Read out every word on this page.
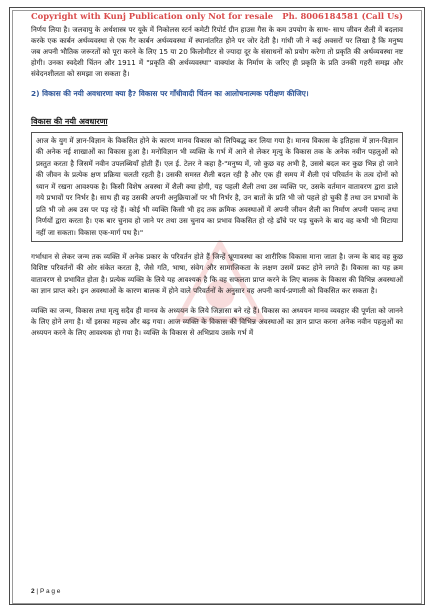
Copyright with Kunj Publication only Not for resale Ph. 8006184581 (Call Us)

निर्णय लिया है। जलवायु के अर्थशास्त्र पर यूके में निकोलस स्टर्न कमेटी रिपोर्ट ग्रीन हाउस गैस के कम उपयोग के साथ- साथ जीवन शैली में बदलाव करके एक कार्बन अर्थव्यवस्था से एक गैर कार्बन अर्थव्यवस्था में स्थानांतरित होने पर जोर देती है। गांधी जी ने कई अवसरों पर लिखा है कि मनुष्य जब अपनी भौतिक जरूरतों को पूरा करने के लिए 15 या 20 किलोमीटर से ज्यादा दूर के संसाधनों को प्रयोग करेगा तो प्रकृति की अर्थव्यवस्था नष्ट होगी। उनका स्वदेशी चिंतन और 1911 में "प्रकृति की अर्थव्यवस्था" वाक्यांश के निर्माण के जरिए ही प्रकृति के प्रति उनकी गहरी समझ और संवेदनशीलता को समझा जा सकता है।

2) विकास की नयी अवधारणा क्या है? विकास पर गाँधीवादी चिंतन का आलोचनात्मक परीक्षण कीजिए।

विकास की नयी अवधारणा

आज के युग में ज्ञान-विज्ञान के विकसित होने के कारण मानव विकास को लिपिबद्ध कर लिया गया है। मानव विकास के इतिहास में ज्ञान-विज्ञान की अनेक नई शाखाओं का विकास हुआ है। मनोविज्ञान भी व्यक्ति के गर्भ में आने से लेकर मृत्यु के विकास तक के अनेक नवीन पहलुओं को प्रस्तुत करता है जिसमें नवीन उपलब्धियाँ होती हैं। एल ई. टेलर ने कहा है-"मनुष्य में, जो कुछ वह अभी है, उससे बदल कर कुछ भिन्न हो जाने की जीवन के प्रत्येक क्षण प्रक्रिया चलती रहती है। उसकी समस्त शैली बदल रही है और एक ही समय में शैली एवं परिवर्तन के तत्व दोनों को ध्यान में रखना आवश्यक है। किसी विशेष अवस्था में शैली क्या होगी, यह पहली शैली तथा उस व्यक्ति पर, उसके वर्तमान वातावरण द्वारा डाले गये प्रभावों पर निर्भर है। साथ ही वह उसकी अपनी अनुक्रियाओं पर भी निर्भर है, उन बातों के प्रति भी जो पहले हो चुकी हैं तथा उन प्रभावों के प्रति भी जो अब उस पर पड़ रहे हैं। कोई भी व्यक्ति किसी भी हद तक क्रमिक अवस्थाओं में अपनी जीवन शैली का निर्माण अपनी पसन्द तथा निर्णयों द्वारा करता है। एक बार चुनाव हो जाने पर तथा उस चुनाव का प्रभाव विकसित हो रहे ढाँचे पर पड़ चुकने के बाद वह कभी भी मिटाया नहीं जा सकता। विकास एक-मार्ग पथ है।"

गर्भाधान से लेकर जन्म तक व्यक्ति में अनेक प्रकार के परिवर्तन होते हैं जिन्हें भ्रूणावस्था का शारीरिक विकास माना जाता है। जन्म के बाद वह कुछ विशिष्ट परिवर्तनों की ओर संकेत करता है, जैसे गति, भाषा, संवेग और सामाजिकता के लक्षण उसमें प्रकट होने लगते हैं। विकास का यह क्रम वातावरण से प्रभावित होता है। प्रत्येक व्यक्ति के लिये यह आवश्यक है कि वह सफलता प्राप्त करने के लिए बालक के विकास की विभिन्न अवस्थाओं का ज्ञान प्राप्त करे। इन अवस्थाओं के कारण बालक में होने वाले परिवर्तनों के अनुसार वह अपनी कार्य-प्रणाली को विकसित कर सकता है।

व्यक्ति का जन्म, विकास तथा मृत्यु सदैव ही मानव के अध्ययन के लिये जिज्ञासा बने रहे हैं। विकास का अध्ययन मानव व्यवहार की पूर्णता को जानने के लिए होने लगा है। यों इसका महत्त्व और बढ़ गया। आज व्यक्ति के विकास की विभिन्न अवस्थाओं का ज्ञान प्राप्त करना अनेक नवीन पहलुओं का अध्ययन करने के लिए आवश्यक हो गया है। व्यक्ति के विकास से अभिप्राय उसके गर्भ में

2 | P a g e
